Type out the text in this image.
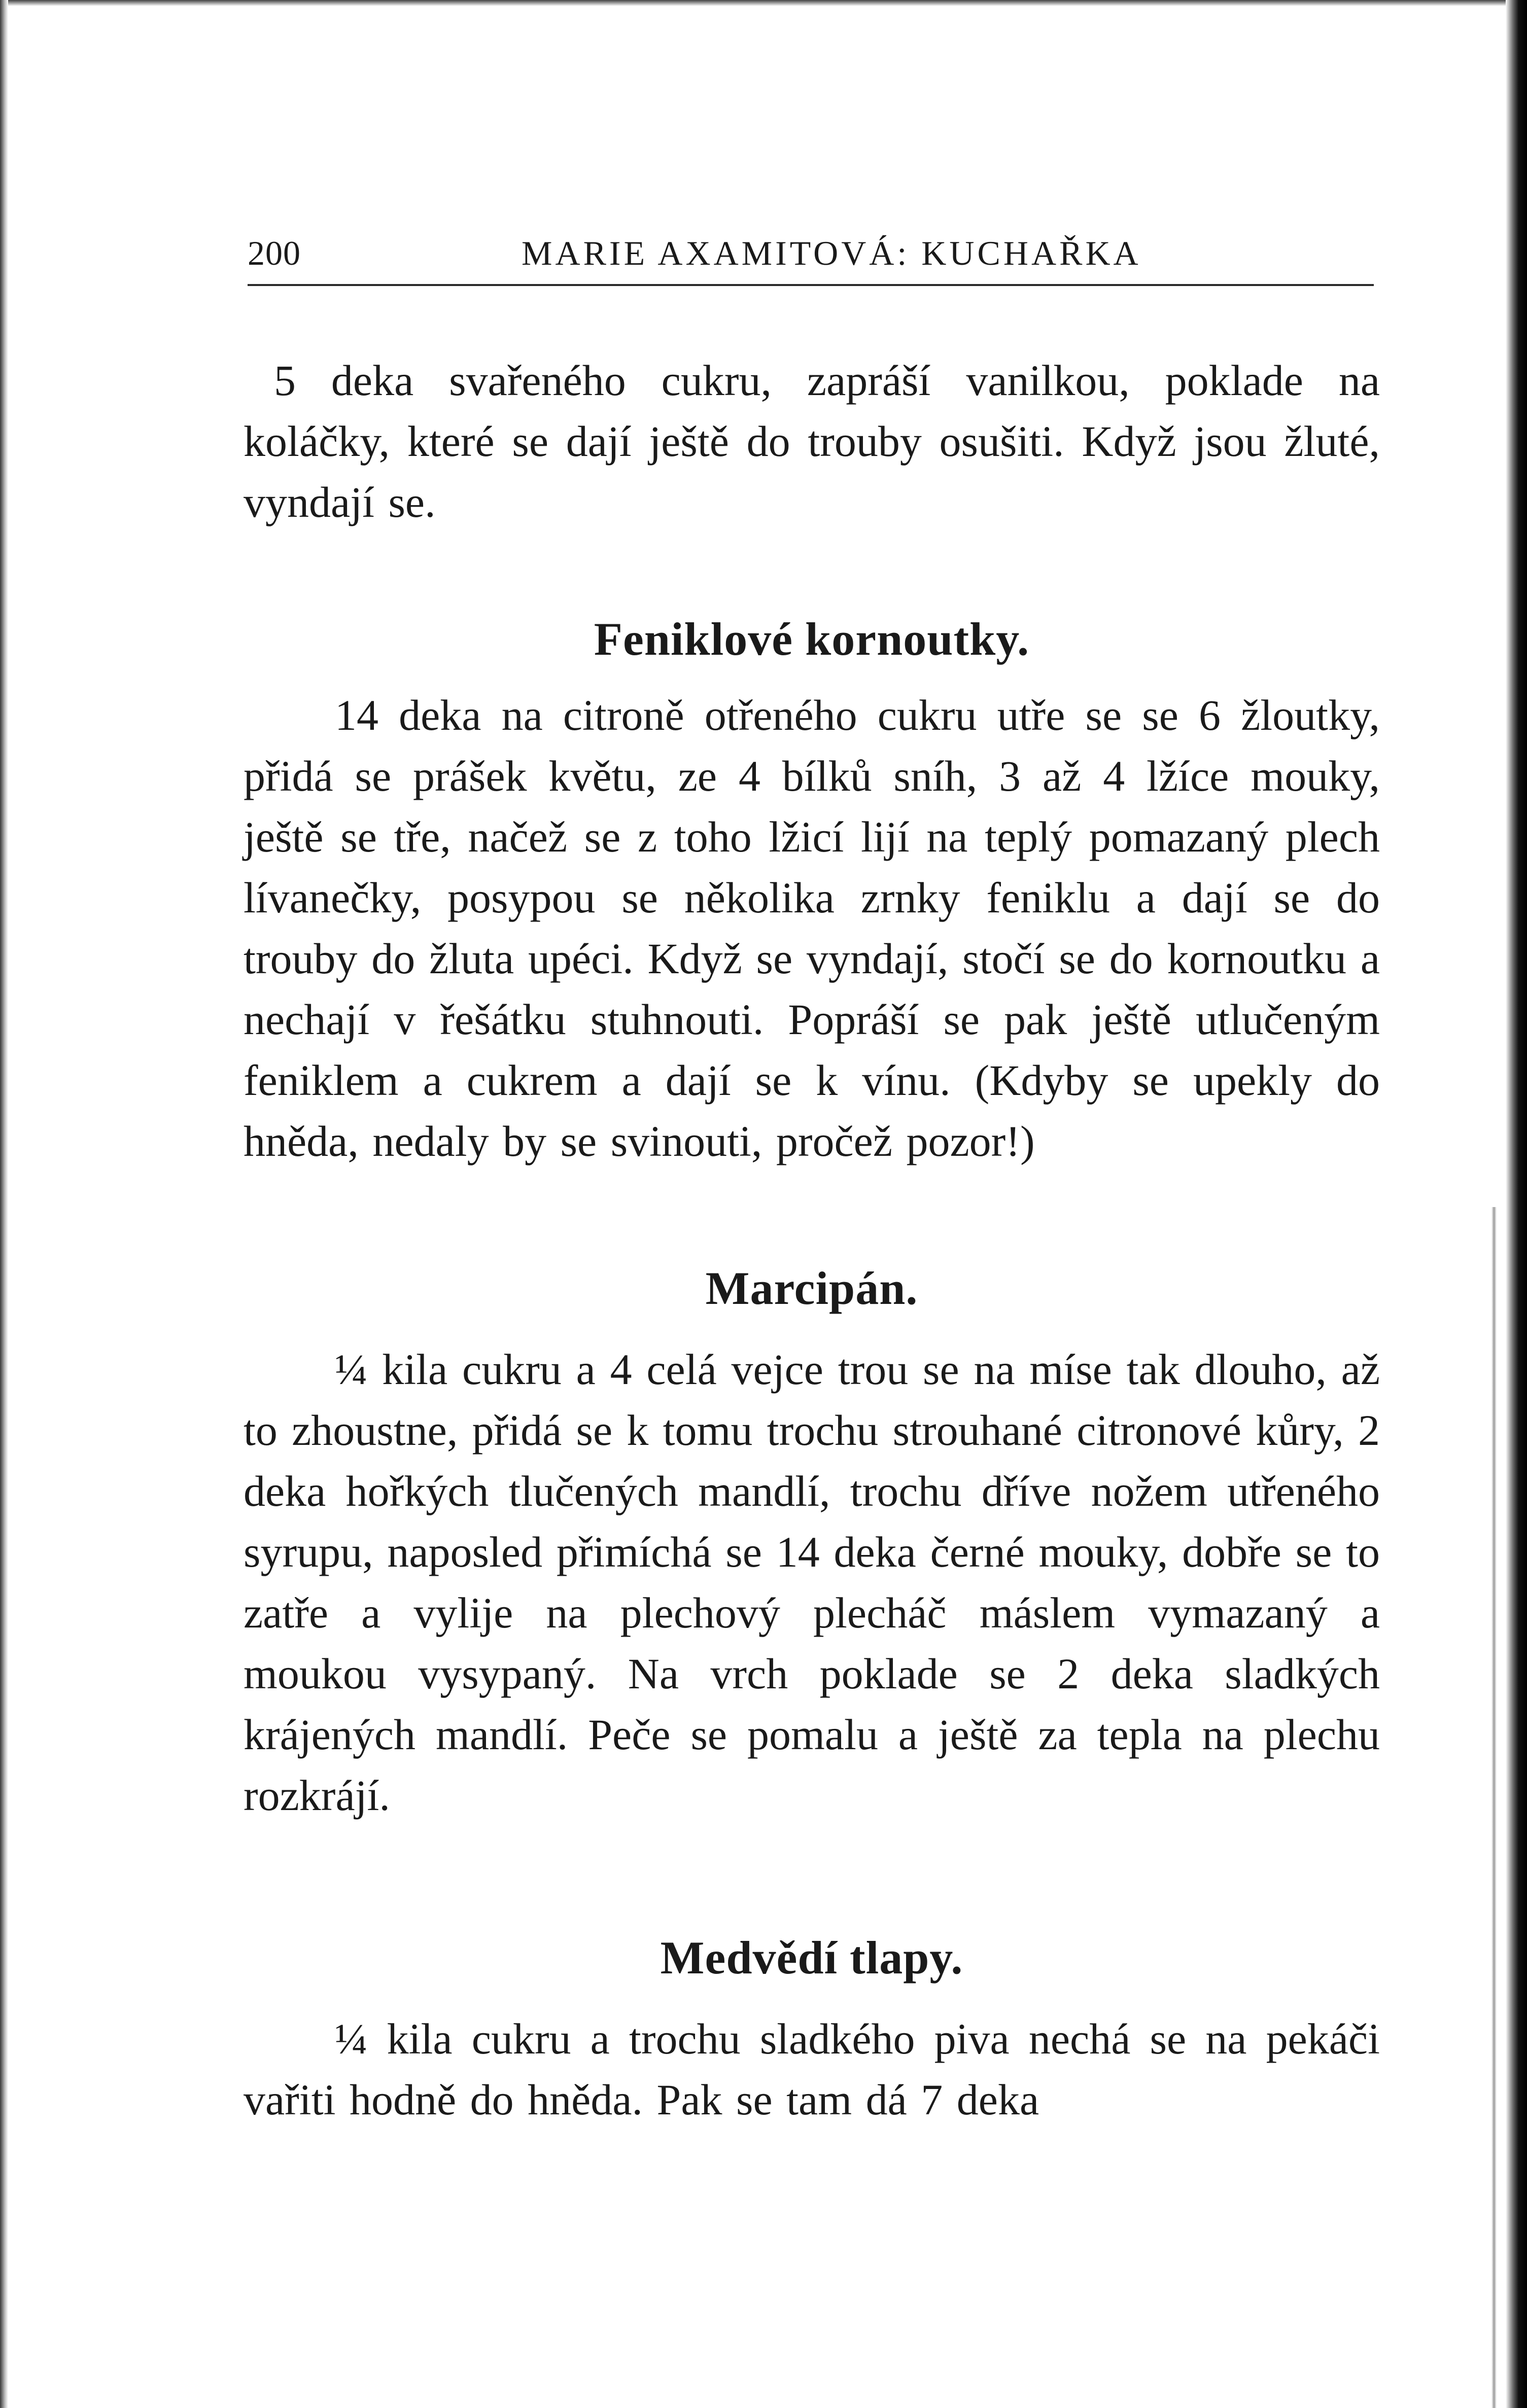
200	MARIE AXAMITOVÁ: KUCHAŘKA

5 deka svařeného cukru, zapráší vanilkou, poklade na koláčky, které se dají ještě do trouby osušiti. Když jsou žluté, vyndají se.

Feniklové kornoutky.

14 deka na citroně otřeného cukru utře se se 6 žloutky, přidá se prášek květu, ze 4 bílků sníh, 3 až 4 lžíce mouky, ještě se tře, načež se z toho lžicí lijí na teplý pomazaný plech lívanečky, posypou se několika zrnky feniklu a dají se do trouby do žluta upéci. Když se vyndají, stočí se do kornoutku a nechají v řešátku stuhnouti. Popráší se pak ještě utlučeným feniklem a cukrem a dají se k vínu. (Kdyby se upekly do hněda, nedaly by se svinouti, pročež pozor!)

Marcipán.

¼ kila cukru a 4 celá vejce trou se na míse tak dlouho, až to zhoustne, přidá se k tomu trochu strouhané citronové kůry, 2 deka hořkých tlučených mandlí, trochu dříve nožem utřeného syrupu, naposled přimíchá se 14 deka černé mouky, dobře se to zatře a vylije na plechový plecháč máslem vymazaný a moukou vysypaný. Na vrch poklade se 2 deka sladkých krájených mandlí. Peče se pomalu a ještě za tepla na plechu rozkrájí.

Medvědí tlapy.

¼ kila cukru a trochu sladkého piva nechá se na pekáči vařiti hodně do hněda. Pak se tam dá 7 deka
